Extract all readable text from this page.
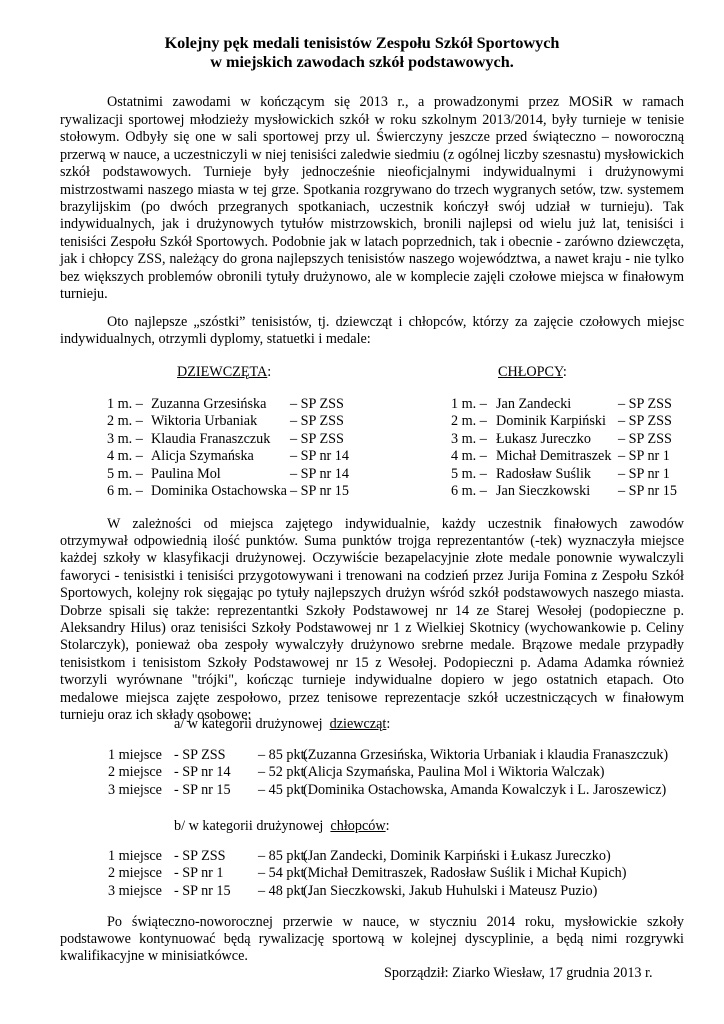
Kolejny pęk medali tenisistów Zespołu Szkół Sportowych
w miejskich zawodach szkół podstawowych.
Ostatnimi zawodami w kończącym się 2013 r., a prowadzonymi przez MOSiR w ramach

rywalizacji sportowej młodzieży mysłowickich szkół w roku szkolnym 2013/2014, były turnieje w tenisie stołowym. Odbyły się one w sali sportowej przy ul. Świerczyny jeszcze przed świąteczno – noworoczną przerwą w nauce, a uczestniczyli w niej tenisiści zaledwie siedmiu (z ogólnej liczby szesnastu) mysłowickich szkół podstawowych. Turnieje były jednocześnie nieoficjalnymi indywidualnymi i drużynowymi mistrzostwami naszego miasta w tej grze. Spotkania rozgrywano do trzech wygranych setów, tzw. systemem brazylijskim (po dwóch przegranych spotkaniach, uczestnik kończył swój udział w turnieju). Tak indywidualnych, jak i drużynowych tytułów mistrzowskich, bronili najlepsi od wielu już lat, tenisiści i tenisiści Zespołu Szkół Sportowych. Podobnie jak w latach poprzednich, tak i obecnie - zarówno dziewczęta, jak i chłopcy ZSS, należący do grona najlepszych tenisistów naszego województwa, a nawet kraju - nie tylko bez większych problemów obronili tytuły drużynowo, ale w komplecie zajęli czołowe miejsca w finałowym turnieju.

Oto najlepsze „szóstki” tenisistów, tj. dziewcząt i chłopców, którzy za zajęcie czołowych miejsc

indywidualnych, otrzymli dyplomy, statuetki i medale:

DZIEWCZĘTA:
1 m. – Zuzanna Grzesińska – SP ZSS
2 m. – Wiktoria Urbaniak – SP ZSS
3 m. – Klaudia Franaszczuk – SP ZSS
4 m. – Alicja Szymańska	– SP nr 14
5 m. – Paulina Mol	– SP nr 14
6 m. – Dominika Ostachowska – SP nr 15
CHŁOPCY:
1 m. – Jan Zandecki	– SP ZSS
2 m. – Dominik Karpiński – SP ZSS
3 m. – Łukasz Jureczko – SP ZSS
4 m. – Michał Demitraszek – SP nr 1
5 m. – Radosław Suślik – SP nr 1
6 m. – Jan Sieczkowski – SP nr 15
W zależności od miejsca zajętego indywidualnie, każdy uczestnik finałowych zawodów

otrzymywał odpowiednią ilość punktów. Suma punktów trojga reprezentantów (-tek) wyznaczyła miejsce każdej szkoły w klasyfikacji drużynowej. Oczywiście bezapelacyjnie złote medale ponownie wywalczyli faworyci - tenisistki i tenisiści przygotowywani i trenowani na codzień przez Jurija Fomina z Zespołu Szkół Sportowych, kolejny rok sięgając po tytuły najlepszych drużyn wśród szkół podstawowych naszego miasta. Dobrze spisali się także: reprezentantki Szkoły Podstawowej nr 14 ze Starej Wesołej (podopieczne p. Aleksandry Hilus) oraz tenisiści Szkoły Podstawowej nr 1 z Wielkiej Skotnicy (wychowankowie p. Celiny Stolarczyk), ponieważ oba zespoły wywalczyły drużynowo srebrne medale. Brązowe medale przypadły tenisistkom i tenisistom Szkoły Podstawowej nr 15 z Wesołej. Podopieczni p. Adama Adamka również tworzyli wyrównane "trójki", kończąc turnieje indywidualne dopiero w jego ostatnich etapach. Oto medalowe miejsca zajęte zespołowo, przez tenisowe reprezentacje szkół uczestniczących w finałowym turnieju oraz ich składy osobowe:

a/ w kategorii drużynowej dziewcząt:
1 miejsce - SP ZSS – 85 pkt.
(Zuzanna Grzesińska, Wiktoria Urbaniak i klaudia Franaszczuk)
2 miejsce - SP nr 14 – 52 pkt .
(Alicja Szymańska, Paulina Mol i Wiktoria Walczak)
3 miejsce - SP nr 15 – 45 pkt .
(Dominika Ostachowska, Amanda Kowalczyk i L. Jaroszewicz)
b/ w kategorii drużynowej chłopców:
1 miejsce - SP ZSS – 85 pkt.
(Jan Zandecki, Dominik Karpiński i Łukasz Jureczko)
2 miejsce - SP nr 1 – 54 pkt .
(Michał Demitraszek, Radosław Suślik i Michał Kupich)
3 miejsce - SP nr 15 – 48 pkt .
(Jan Sieczkowski, Jakub Huhulski i Mateusz Puzio)
Po świąteczno-noworocznej przerwie w nauce, w styczniu 2014 roku, mysłowickie szkoły

podstawowe kontynuować będą rywalizację sportową w kolejnej dyscyplinie, a będą nimi rozgrywki kwalifikacyjne w minisiatkówce.

Sporządził: Ziarko Wiesław, 17 grudnia 2013 r.
